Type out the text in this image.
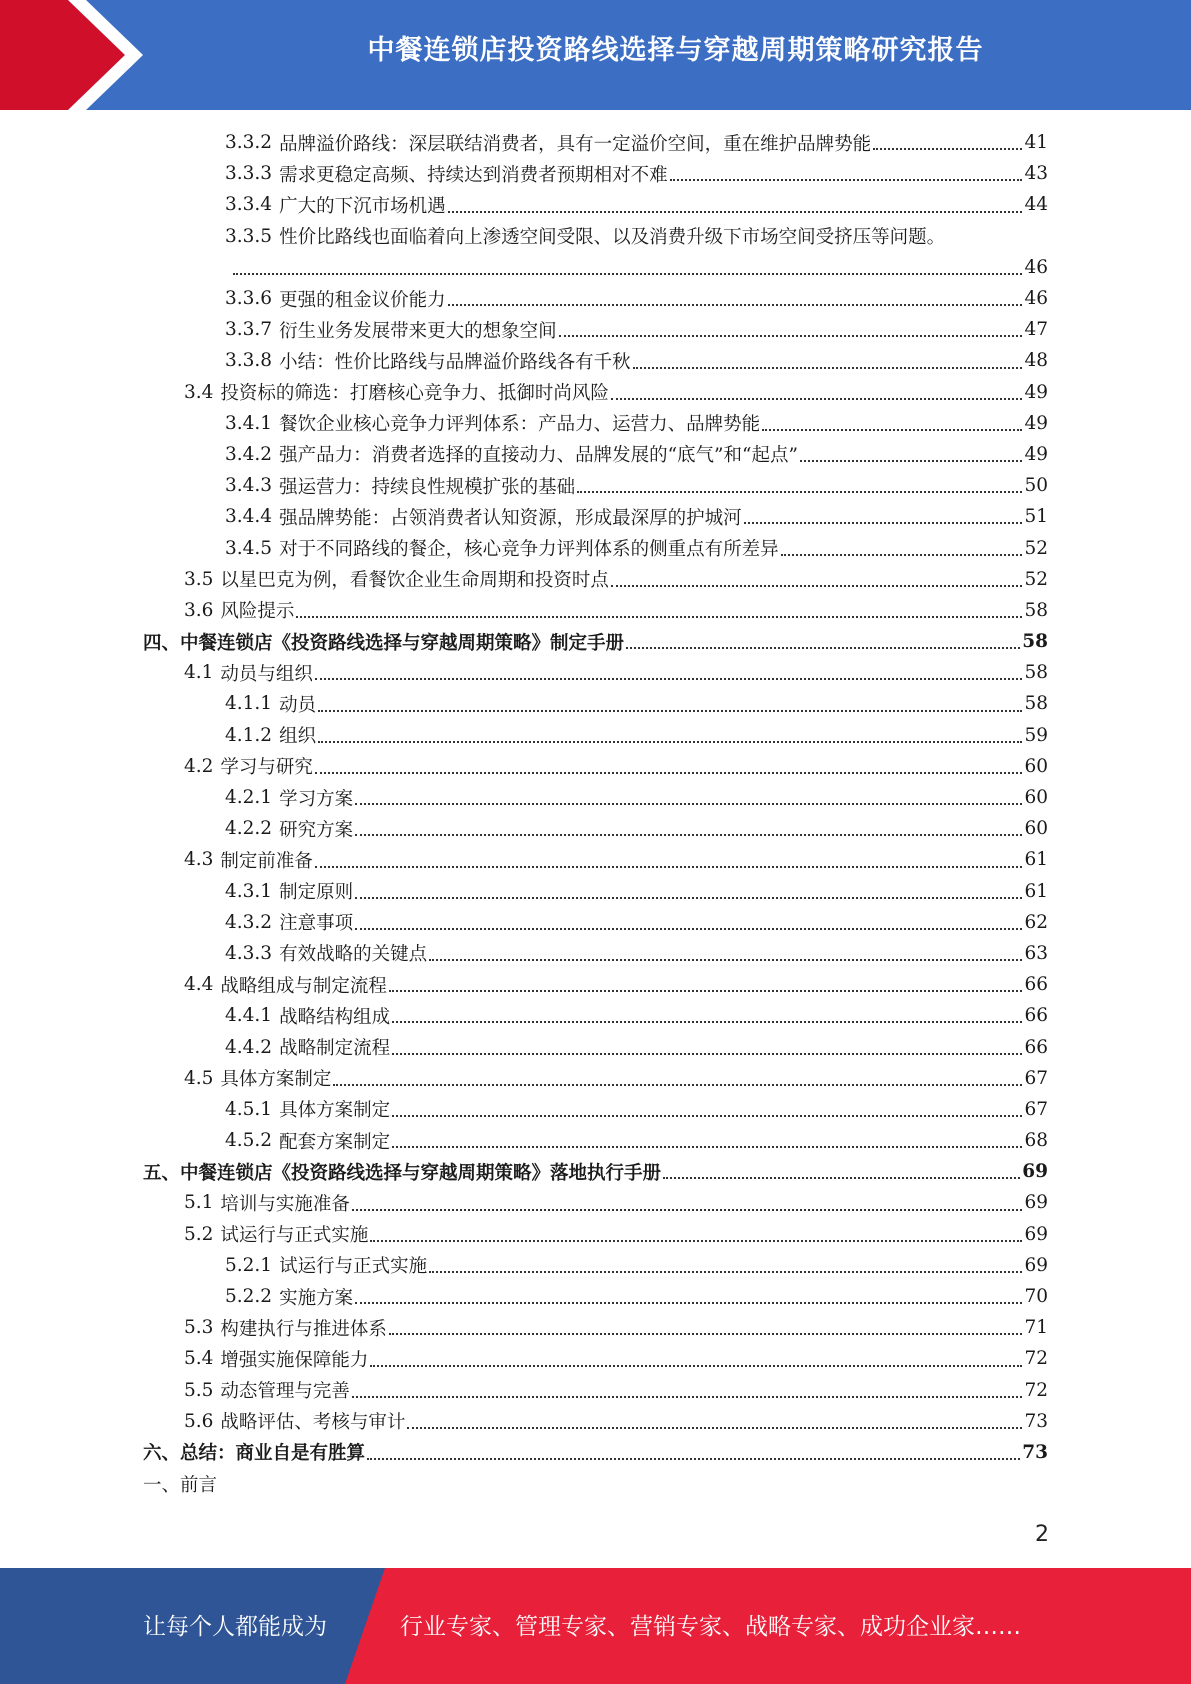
中餐连锁店投资路线选择与穿越周期策略研究报告
3.3.2 品牌溢价路线：深层联结消费者，具有一定溢价空间，重在维护品牌势能	41
3.3.3 需求更稳定高频、持续达到消费者预期相对不难	43
3.3.4 广大的下沉市场机遇	44
3.3.5 性价比路线也面临着向上渗透空间受限、以及消费升级下市场空间受挤压等问题。
46
3.3.6 更强的租金议价能力	46
3.3.7 衍生业务发展带来更大的想象空间	47
3.3.8 小结：性价比路线与品牌溢价路线各有千秋	48
3.4 投资标的筛选：打磨核心竞争力、抵御时尚风险	49
3.4.1 餐饮企业核心竞争力评判体系：产品力、运营力、品牌势能	49
3.4.2 强产品力：消费者选择的直接动力、品牌发展的“底气”和“起点”	49
3.4.3 强运营力：持续良性规模扩张的基础	50
3.4.4 强品牌势能：占领消费者认知资源，形成最深厚的护城河	51
3.4.5 对于不同路线的餐企，核心竞争力评判体系的侧重点有所差异	52
3.5 以星巴克为例，看餐饮企业生命周期和投资时点	52
3.6 风险提示	58
四、中餐连锁店《投资路线选择与穿越周期策略》制定手册	58
4.1 动员与组织	58
4.1.1 动员	58
4.1.2 组织	59
4.2 学习与研究	60
4.2.1 学习方案	60
4.2.2 研究方案	60
4.3 制定前准备	61
4.3.1 制定原则	61
4.3.2 注意事项	62
4.3.3 有效战略的关键点	63
4.4 战略组成与制定流程	66
4.4.1 战略结构组成	66
4.4.2 战略制定流程	66
4.5 具体方案制定	67
4.5.1 具体方案制定	67
4.5.2 配套方案制定	68
五、中餐连锁店《投资路线选择与穿越周期策略》落地执行手册	69
5.1 培训与实施准备	69
5.2 试运行与正式实施	69
5.2.1 试运行与正式实施	69
5.2.2 实施方案	70
5.3 构建执行与推进体系	71
5.4 增强实施保障能力	72
5.5 动态管理与完善	72
5.6 战略评估、考核与审计	73
六、总结：商业自是有胜算	73
一、前言
2
让每个人都能成为	行业专家、管理专家、营销专家、战略专家、成功企业家……
